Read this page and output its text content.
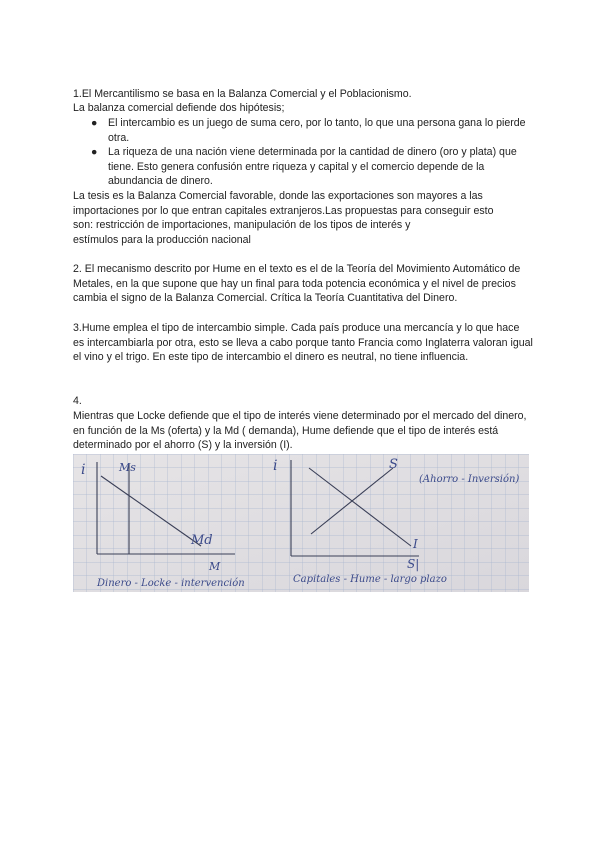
1.El Mercantilismo se basa en la Balanza Comercial y el Poblacionismo.

La balanza comercial defiende dos hipótesis;

● El intercambio es un juego de suma cero, por lo tanto, lo que una persona gana lo pierde otra.
● La riqueza de una nación viene determinada por la cantidad de dinero (oro y plata) que tiene. Esto genera confusión entre riqueza y capital y el comercio depende de la abundancia de dinero.

La tesis es la Balanza Comercial favorable, donde las exportaciones son mayores a las

importaciones por lo que entran capitales extranjeros.Las propuestas para conseguir esto

son: restricción de importaciones, manipulación de los tipos de interés y

estímulos para la producción nacional

2. El mecanismo descrito por Hume en el texto es el de la Teoría del Movimiento Automático de Metales, en la que supone que hay un final para toda potencia económica y el nivel de precios cambia el signo de la Balanza Comercial. Crítica la Teoría Cuantitativa del Dinero.

3.Hume emplea el tipo de intercambio simple. Cada país produce una mercancía y lo que hace es intercambiarla por otra, esto se lleva a cabo porque tanto Francia como Inglaterra valoran igual el vino y el trigo. En este tipo de intercambio el dinero es neutral, no tiene influencia.

4.

Mientras que Locke defiende que el tipo de interés viene determinado por el mercado del dinero, en función de la Ms (oferta) y la Md ( demanda), Hume defiende que el tipo de interés está determinado por el ahorro (S) y la inversión (I).

i	Ms
Md
M
Dinero - Locke - intervención
i	S
I
S|
(Ahorro - Inversión)
Capitales - Hume - largo plazo
